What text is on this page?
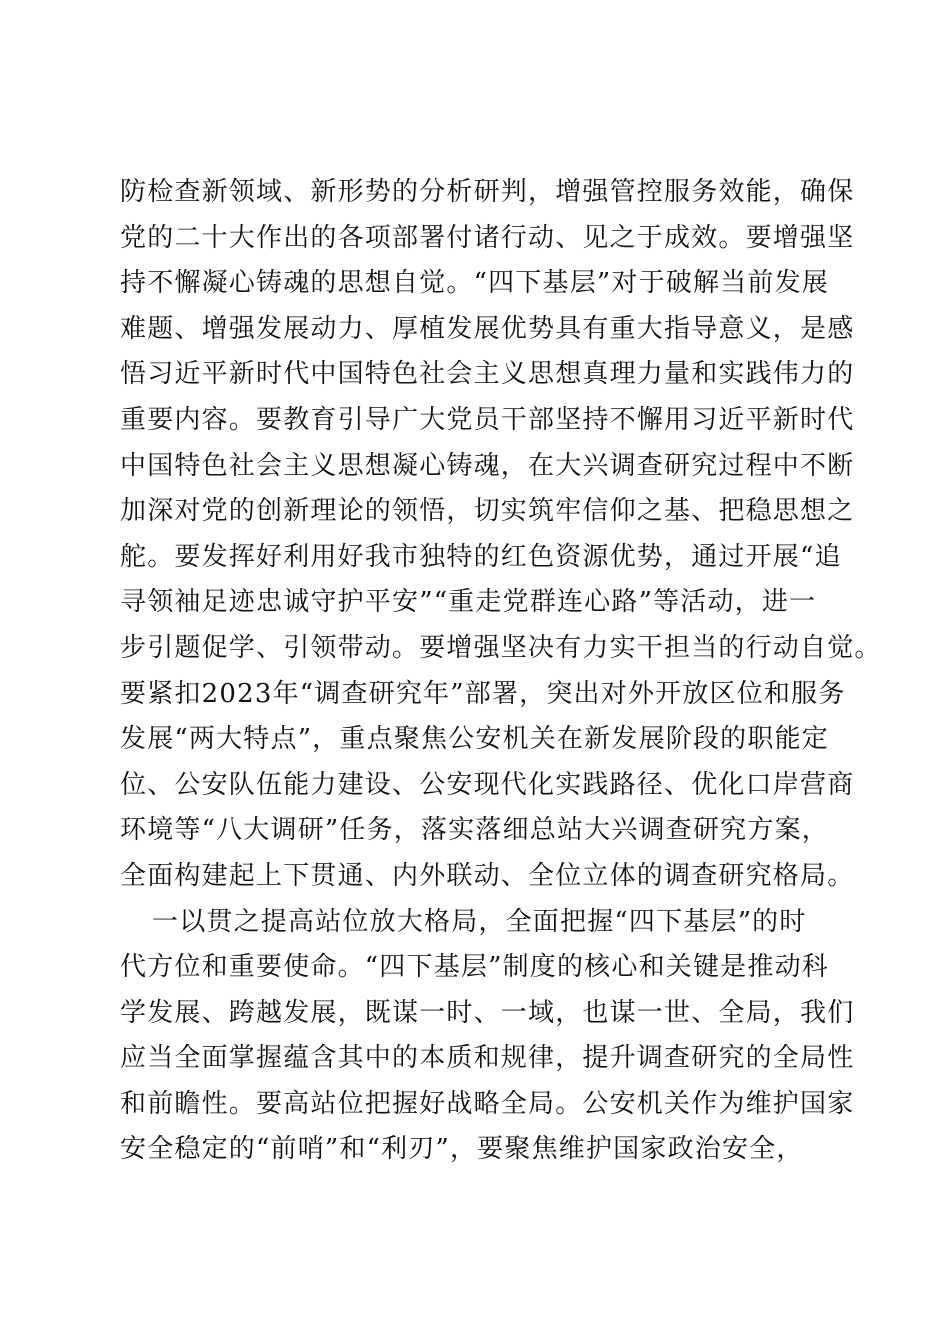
防检查新领域、新形势的分析研判，增强管控服务效能，确保
党的二十大作出的各项部署付诸行动、见之于成效。要增强坚
持不懈凝心铸魂的思想自觉。“四下基层”对于破解当前发展
难题、增强发展动力、厚植发展优势具有重大指导意义，是感
悟习近平新时代中国特色社会主义思想真理力量和实践伟力的
重要内容。要教育引导广大党员干部坚持不懈用习近平新时代
中国特色社会主义思想凝心铸魂，在大兴调查研究过程中不断
加深对党的创新理论的领悟，切实筑牢信仰之基、把稳思想之
舵。要发挥好利用好我市独特的红色资源优势，通过开展“追
寻领袖足迹忠诚守护平安”“重走党群连心路”等活动，进一
步引题促学、引领带动。要增强坚决有力实干担当的行动自觉。
要紧扣2023年“调查研究年”部署，突出对外开放区位和服务
发展“两大特点”，重点聚焦公安机关在新发展阶段的职能定
位、公安队伍能力建设、公安现代化实践路径、优化口岸营商
环境等“八大调研”任务，落实落细总站大兴调查研究方案，
全面构建起上下贯通、内外联动、全位立体的调查研究格局。
一以贯之提高站位放大格局，全面把握“四下基层”的时
代方位和重要使命。“四下基层”制度的核心和关键是推动科
学发展、跨越发展，既谋一时、一域，也谋一世、全局，我们
应当全面掌握蕴含其中的本质和规律，提升调查研究的全局性
和前瞻性。要高站位把握好战略全局。公安机关作为维护国家
安全稳定的“前哨”和“利刃”，要聚焦维护国家政治安全，
